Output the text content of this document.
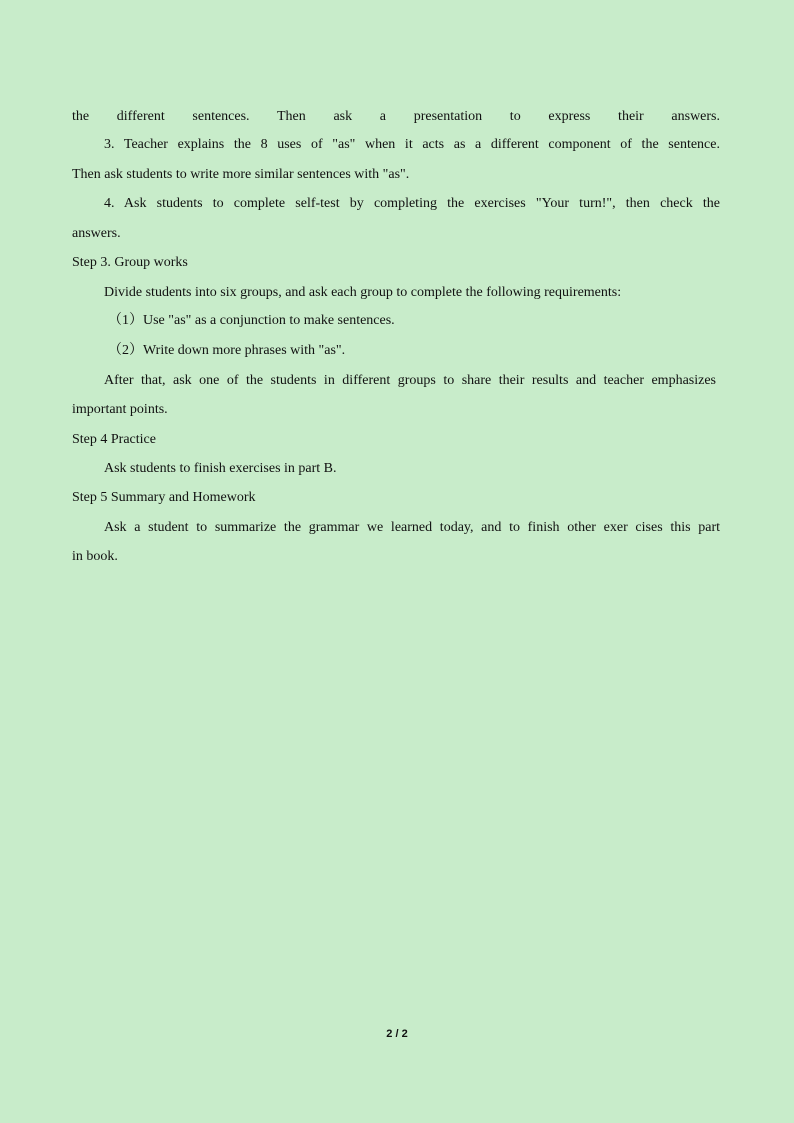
the different sentences. Then ask a presentation to express their answers.
3. Teacher explains the 8 uses of "as" when it acts as a different component of the sentence.
Then ask students to write more similar sentences with "as".
4. Ask students to complete self-test by completing the exercises "Your turn!", then check the
answers.
Step 3. Group works
Divide students into six groups, and ask each group to complete the following requirements:
（1）Use "as" as a conjunction to make sentences.
（2）Write down more phrases with "as".
After that, ask one of the students in different groups to share their results and teacher emphasizes
important points.
Step 4 Practice
Ask students to finish exercises in part B.
Step 5 Summary and Homework
Ask a student to summarize the grammar we learned today, and to finish other exer cises this part
in book.
2 / 2
